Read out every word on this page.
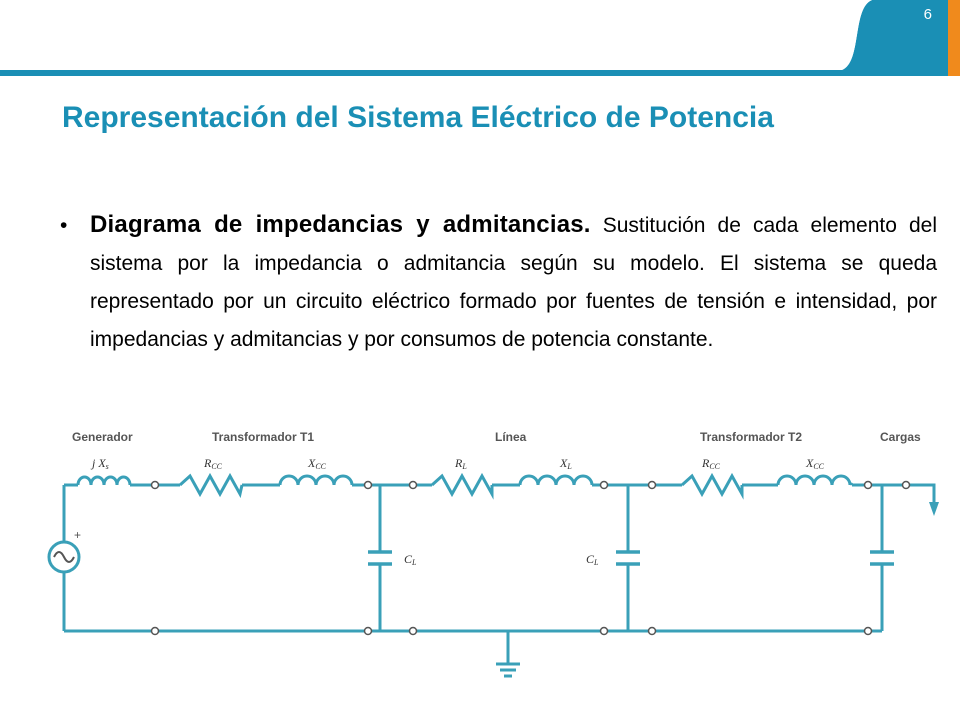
6
Representación del Sistema Eléctrico de Potencia

• Diagrama de impedancias y admitancias. Sustitución de cada elemento del sistema por la impedancia o admitancia según su modelo. El sistema se queda representado por un circuito eléctrico formado por fuentes de tensión e intensidad, por impedancias y admitancias y por consumos de potencia constante.

+
Generador	Transformador T1	Línea	Transformador T2	Cargas
j Xs	RCC	XCC	RL	XL	RCC	XCC
CL	CL
